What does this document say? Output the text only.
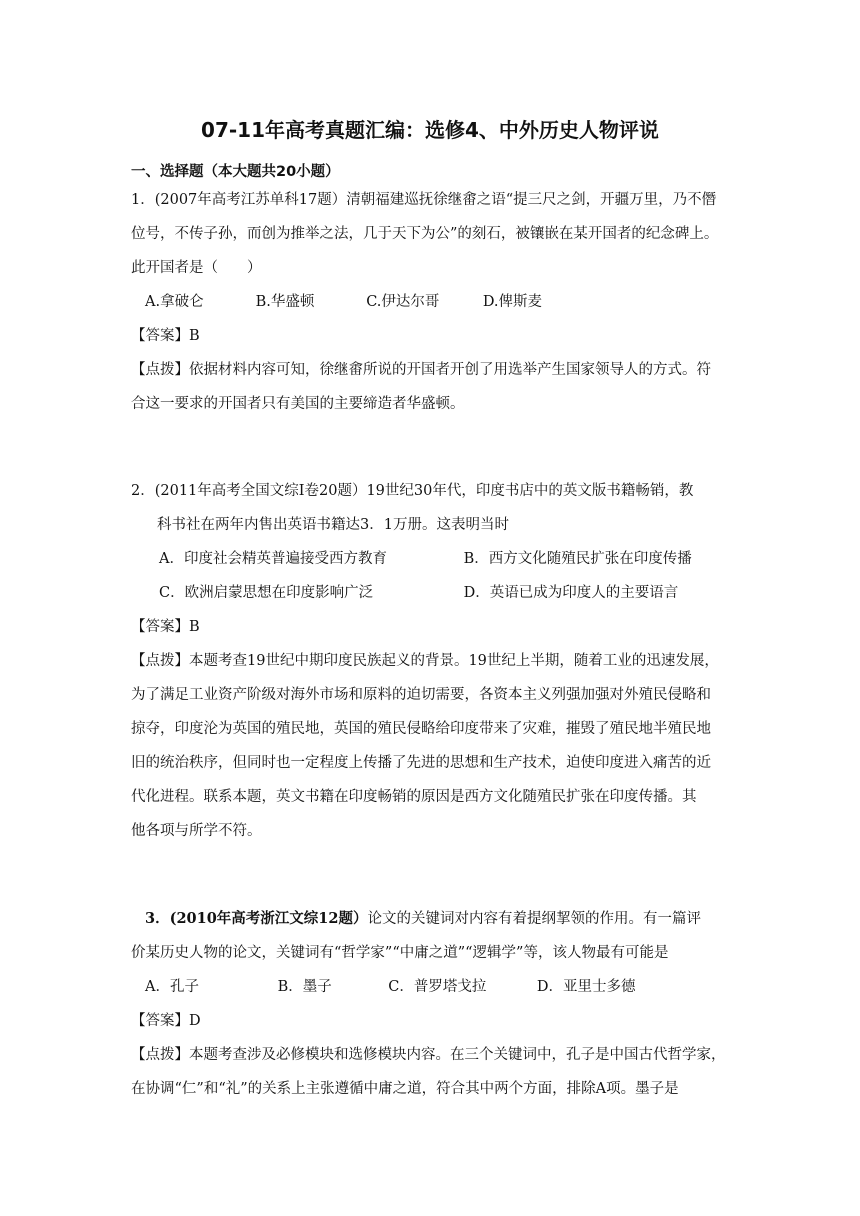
07-11年高考真题汇编：选修4、中外历史人物评说
一、选择题（本大题共20小题）
1．(2007年高考江苏单科17题）清朝福建巡抚徐继畬之语“提三尺之剑，开疆万里，乃不僭
位号，不传子孙，而创为推举之法，几于天下为公”的刻石，被镶嵌在某开国者的纪念碑上。
此开国者是（　　）
A.拿破仑	B.华盛顿	C.伊达尔哥	D.俾斯麦
【答案】B
【点拨】依据材料内容可知，徐继畬所说的开国者开创了用选举产生国家领导人的方式。符
合这一要求的开国者只有美国的主要缔造者华盛顿。
2．(2011年高考全国文综Ⅰ卷20题）19世纪30年代，印度书店中的英文版书籍畅销，教
科书社在两年内售出英语书籍达3．1万册。这表明当时
A．印度社会精英普遍接受西方教育	B．西方文化随殖民扩张在印度传播
C．欧洲启蒙思想在印度影响广泛	D．英语已成为印度人的主要语言
【答案】B
【点拨】本题考查19世纪中期印度民族起义的背景。19世纪上半期，随着工业的迅速发展，
为了满足工业资产阶级对海外市场和原料的迫切需要，各资本主义列强加强对外殖民侵略和
掠夺，印度沦为英国的殖民地，英国的殖民侵略给印度带来了灾难，摧毁了殖民地半殖民地
旧的统治秩序，但同时也一定程度上传播了先进的思想和生产技术，迫使印度进入痛苦的近
代化进程。联系本题，英文书籍在印度畅销的原因是西方文化随殖民扩张在印度传播。其
他各项与所学不符。
3．(2010年高考浙江文综12题）论文的关键词对内容有着提纲挈领的作用。有一篇评
价某历史人物的论文，关键词有“哲学家”“中庸之道”“逻辑学”等，该人物最有可能是
A．孔子	B．墨子	C．普罗塔戈拉	D．亚里士多德
【答案】D
【点拨】本题考查涉及必修模块和选修模块内容。在三个关键词中，孔子是中国古代哲学家，
在协调“仁”和“礼”的关系上主张遵循中庸之道，符合其中两个方面，排除A项。墨子是
